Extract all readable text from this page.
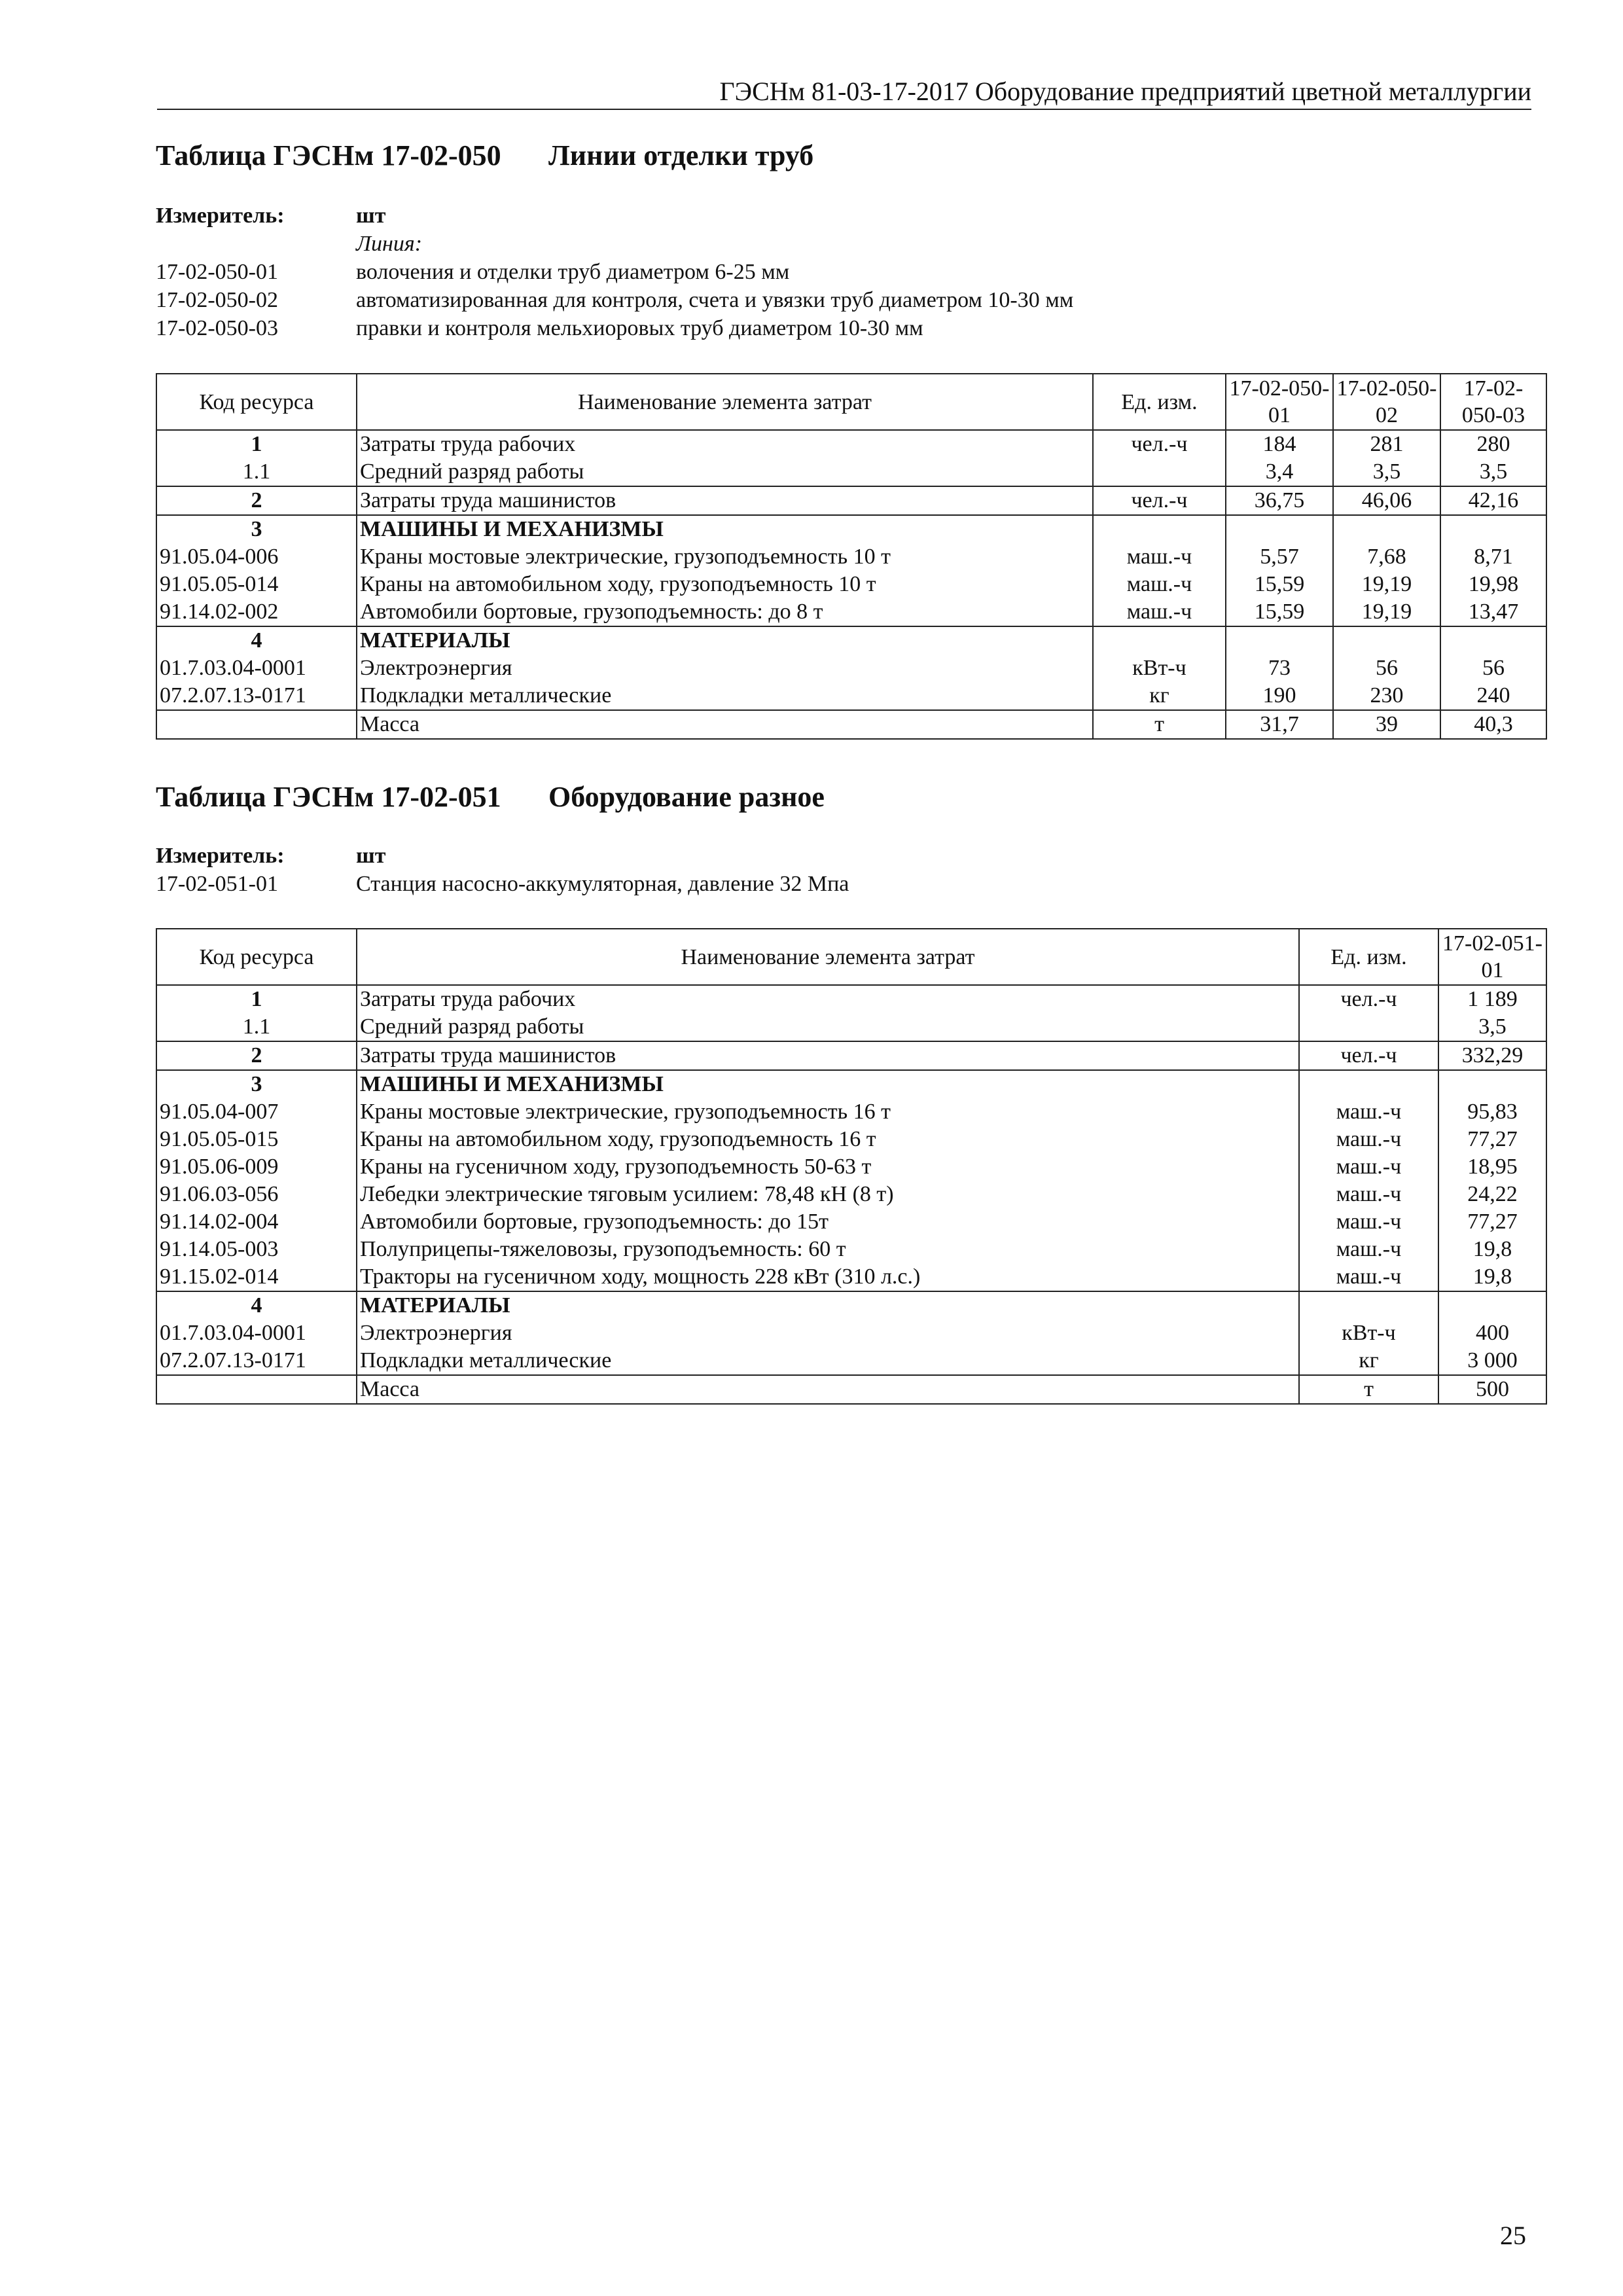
ГЭСНм 81-03-17-2017 Оборудование предприятий цветной металлургии
Таблица ГЭСНм 17-02-050 Линии отделки труб
Измеритель:	шт
Линия:
17-02-050-01	волочения и отделки труб диаметром 6-25 мм
17-02-050-02	автоматизированная для контроля, счета и увязки труб диаметром 10-30 мм
17-02-050-03	правки и контроля мельхиоровых труб диаметром 10-30 мм
Код ресурса	Наименование элемента затрат	Ед. изм.	17-02-050-01	17-02-050-02	17-02-050-03
1	Затраты труда рабочих	чел.-ч	184	281	280
1.1	Средний разряд работы		3,4	3,5	3,5
2	Затраты труда машинистов	чел.-ч	36,75	46,06	42,16
3	МАШИНЫ И МЕХАНИЗМЫ				
91.05.04-006	Краны мостовые электрические, грузоподъемность 10 т	маш.-ч	5,57	7,68	8,71
91.05.05-014	Краны на автомобильном ходу, грузоподъемность 10 т	маш.-ч	15,59	19,19	19,98
91.14.02-002	Автомобили бортовые, грузоподъемность: до 8 т	маш.-ч	15,59	19,19	13,47
4	МАТЕРИАЛЫ				
01.7.03.04-0001	Электроэнергия	кВт-ч	73	56	56
07.2.07.13-0171	Подкладки металлические	кг	190	230	240
	Масса	т	31,7	39	40,3
Таблица ГЭСНм 17-02-051 Оборудование разное
Измеритель:	шт
17-02-051-01	Станция насосно-аккумуляторная, давление 32 Мпа
Код ресурса	Наименование элемента затрат	Ед. изм.	17-02-051-01
1	Затраты труда рабочих	чел.-ч	1 189
1.1	Средний разряд работы		3,5
2	Затраты труда машинистов	чел.-ч	332,29
3	МАШИНЫ И МЕХАНИЗМЫ		
91.05.04-007	Краны мостовые электрические, грузоподъемность 16 т	маш.-ч	95,83
91.05.05-015	Краны на автомобильном ходу, грузоподъемность 16 т	маш.-ч	77,27
91.05.06-009	Краны на гусеничном ходу, грузоподъемность 50-63 т	маш.-ч	18,95
91.06.03-056	Лебедки электрические тяговым усилием: 78,48 кН (8 т)	маш.-ч	24,22
91.14.02-004	Автомобили бортовые, грузоподъемность: до 15т	маш.-ч	77,27
91.14.05-003	Полуприцепы-тяжеловозы, грузоподъемность: 60 т	маш.-ч	19,8
91.15.02-014	Тракторы на гусеничном ходу, мощность 228 кВт (310 л.с.)	маш.-ч	19,8
4	МАТЕРИАЛЫ		
01.7.03.04-0001	Электроэнергия	кВт-ч	400
07.2.07.13-0171	Подкладки металлические	кг	3 000
	Масса	т	500
25
